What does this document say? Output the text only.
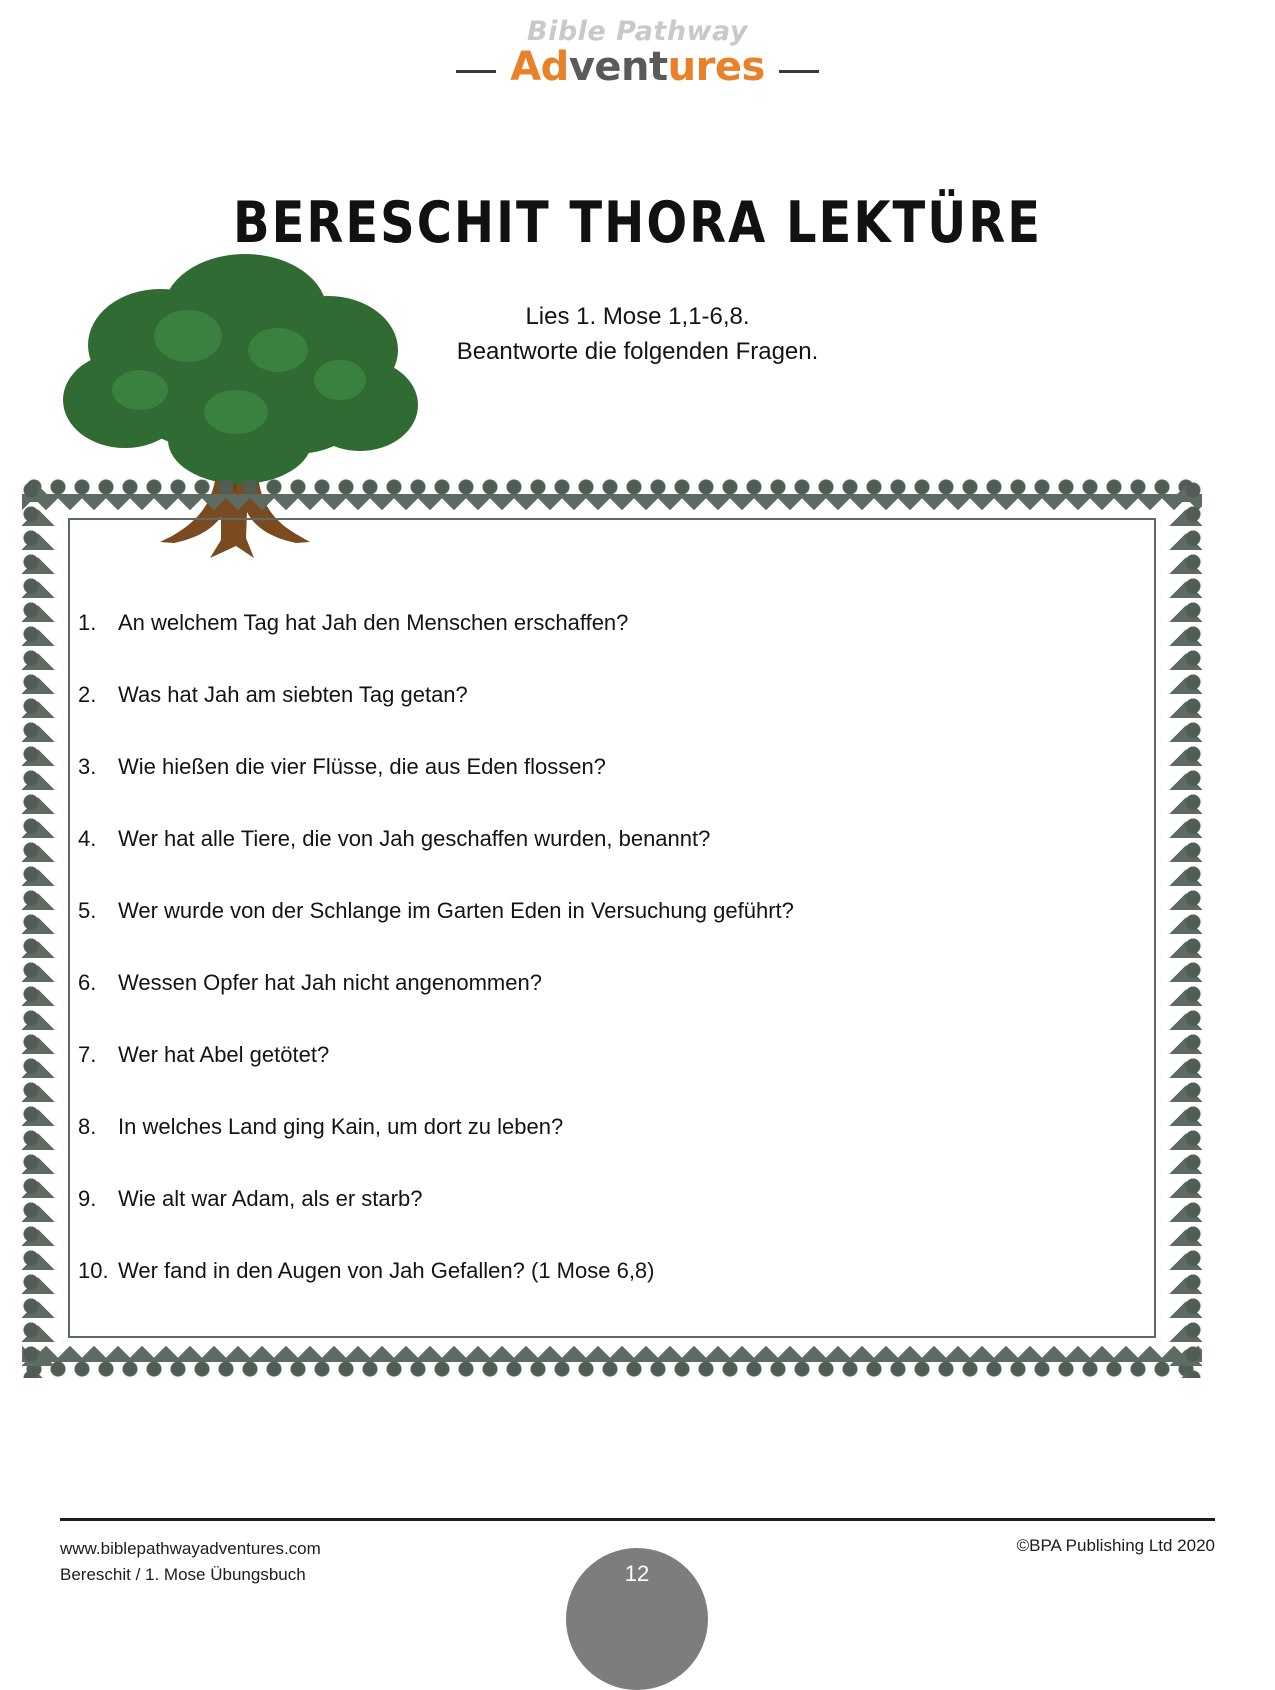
Bible Pathway
Adventures
BERESCHIT THORA LEKTÜRE
Lies 1. Mose 1,1-6,8.
Beantworte die folgenden Fragen.
1. An welchem Tag hat Jah den Menschen erschaffen?
2. Was hat Jah am siebten Tag getan?
3. Wie hießen die vier Flüsse, die aus Eden flossen?
4. Wer hat alle Tiere, die von Jah geschaffen wurden, benannt?
5. Wer wurde von der Schlange im Garten Eden in Versuchung geführt?
6. Wessen Opfer hat Jah nicht angenommen?
7. Wer hat Abel getötet?
8. In welches Land ging Kain, um dort zu leben?
9. Wie alt war Adam, als er starb?
10. Wer fand in den Augen von Jah Gefallen? (1 Mose 6,8)
www.biblepathwayadventures.com
Bereschit / 1. Mose Übungsbuch
©BPA Publishing Ltd 2020
12
